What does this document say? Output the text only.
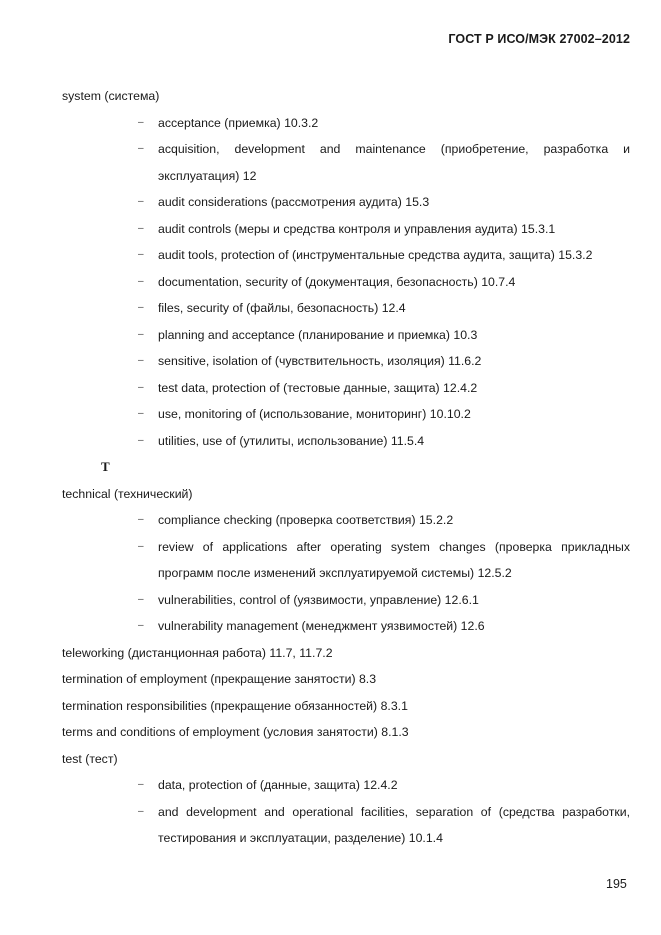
ГОСТ Р ИСО/МЭК 27002–2012

system (система)

– acceptance (приемка) 10.3.2

– acquisition, development and maintenance (приобретение, разработка и эксплуатация) 12

– audit considerations (рассмотрения аудита) 15.3

– audit controls (меры и средства контроля и управления аудита) 15.3.1

– audit tools, protection of (инструментальные средства аудита, защита) 15.3.2

– documentation, security of (документация, безопасность) 10.7.4

– files, security of (файлы, безопасность) 12.4

– planning and acceptance (планирование и приемка) 10.3

– sensitive, isolation of (чувствительность, изоляция) 11.6.2

– test data, protection of (тестовые данные, защита) 12.4.2

– use, monitoring of (использование, мониторинг) 10.10.2

– utilities, use of (утилиты, использование) 11.5.4

T

technical (технический)

– compliance checking (проверка соответствия) 15.2.2

– review of applications after operating system changes (проверка прикладных программ после изменений эксплуатируемой системы) 12.5.2

– vulnerabilities, control of (уязвимости, управление) 12.6.1

– vulnerability management (менеджмент уязвимостей) 12.6

teleworking (дистанционная работа) 11.7, 11.7.2

termination of employment (прекращение занятости) 8.3

termination responsibilities (прекращение обязанностей) 8.3.1

terms and conditions of employment (условия занятости) 8.1.3

test (тест)

– data, protection of (данные, защита) 12.4.2

– and development and operational facilities, separation of (средства разработки, тестирования и эксплуатации, разделение) 10.1.4

195
